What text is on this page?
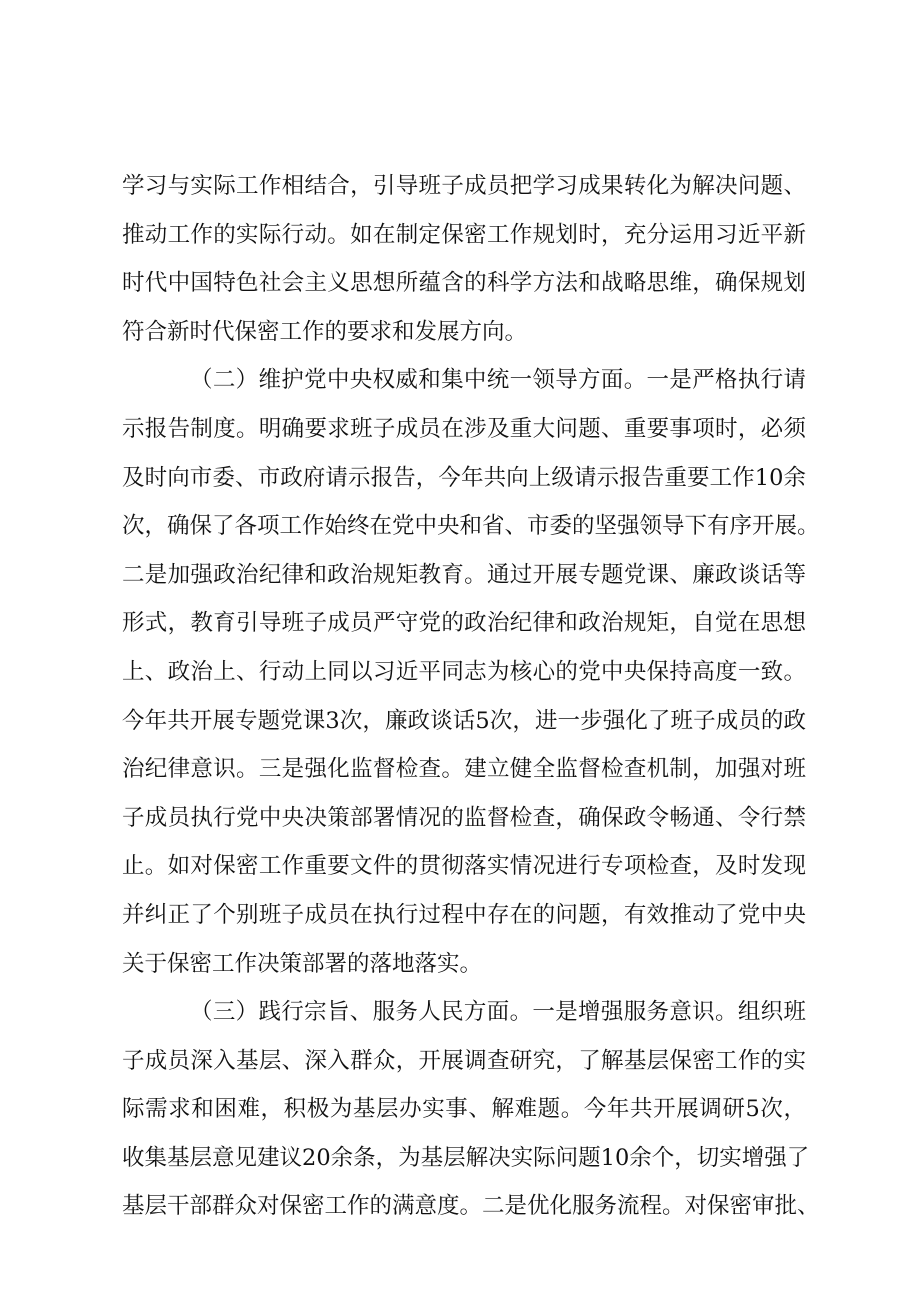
学习与实际工作相结合，引导班子成员把学习成果转化为解决问题、
推动工作的实际行动。如在制定保密工作规划时，充分运用习近平新
时代中国特色社会主义思想所蕴含的科学方法和战略思维，确保规划
符合新时代保密工作的要求和发展方向。
（二）维护党中央权威和集中统一领导方面。一是严格执行请
示报告制度。明确要求班子成员在涉及重大问题、重要事项时，必须
及时向市委、市政府请示报告，今年共向上级请示报告重要工作10余
次，确保了各项工作始终在党中央和省、市委的坚强领导下有序开展。
二是加强政治纪律和政治规矩教育。通过开展专题党课、廉政谈话等
形式，教育引导班子成员严守党的政治纪律和政治规矩，自觉在思想
上、政治上、行动上同以习近平同志为核心的党中央保持高度一致。
今年共开展专题党课3次，廉政谈话5次，进一步强化了班子成员的政
治纪律意识。三是强化监督检查。建立健全监督检查机制，加强对班
子成员执行党中央决策部署情况的监督检查，确保政令畅通、令行禁
止。如对保密工作重要文件的贯彻落实情况进行专项检查，及时发现
并纠正了个别班子成员在执行过程中存在的问题，有效推动了党中央
关于保密工作决策部署的落地落实。
（三）践行宗旨、服务人民方面。一是增强服务意识。组织班
子成员深入基层、深入群众，开展调查研究，了解基层保密工作的实
际需求和困难，积极为基层办实事、解难题。今年共开展调研5次，
收集基层意见建议20余条，为基层解决实际问题10余个，切实增强了
基层干部群众对保密工作的满意度。二是优化服务流程。对保密审批、
